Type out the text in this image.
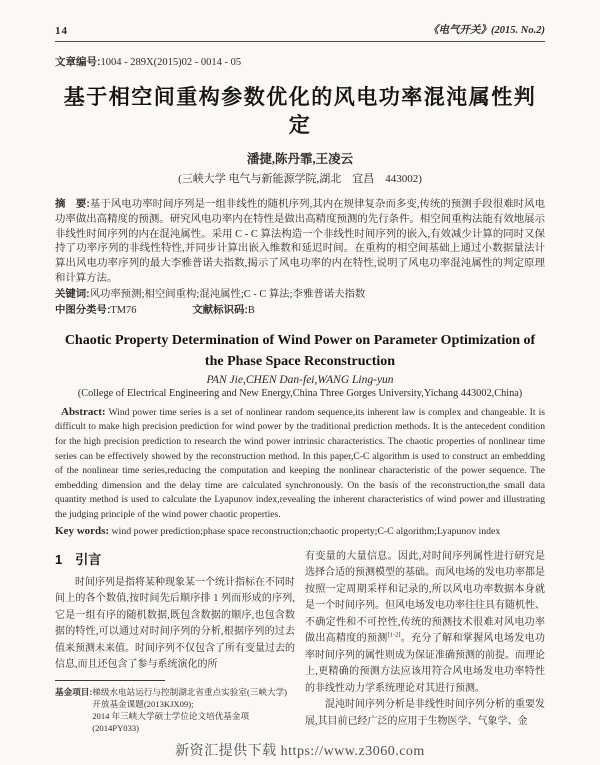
14	《电气开关》(2015. No.2)
文章编号:1004 - 289X(2015)02 - 0014 - 05
基于相空间重构参数优化的风电功率混沌属性判定
潘捷,陈丹霏,王凌云
(三峡大学 电气与新能源学院,湖北　宜昌　443002)
摘　要:基于风电功率时间序列是一组非线性的随机序列,其内在规律复杂而多变,传统的预测手段很难时风电功率做出高精度的预测。研究风电功率内在特性是做出高精度预测的先行条件。相空间重构法能有效地展示非线性时间序列的内在混沌属性。采用 C - C 算法构造一个非线性时间序列的嵌入,有效减少计算的同时又保持了功率序列的非线性特性,并同步计算出嵌入维数和延迟时间。在重构的相空间基础上通过小数据量法计算出风电功率序列的最大李雅普诺夫指数,揭示了风电功率的内在特性,说明了风电功率混沌属性的判定原理和计算方法。
关键词:风功率预测;相空间重构;混沌属性;C - C 算法;李雅普诺夫指数
中图分类号:TM76	文献标识码:B
Chaotic Property Determination of Wind Power on Parameter Optimization of
the Phase Space Reconstruction
PAN Jie,CHEN Dan-fei,WANG Ling-yun
(College of Electrical Engineering and New Energy,China Three Gorges University,Yichang 443002,China)
Abstract: Wind power time series is a set of nonlinear random sequence,its inherent law is complex and changeable. It is difficult to make high precision prediction for wind power by the traditional prediction methods. It is the antecedent condition for the high precision prediction to research the wind power intrinsic characteristics. The chaotic properties of nonlinear time series can be effectively showed by the reconstruction method. In this paper,C-C algorithm is used to construct an embedding of the nonlinear time series,reducing the computation and keeping the nonlinear characteristic of the power sequence. The embedding dimension and the delay time are calculated synchronously. On the basis of the reconstruction,the small data quantity method is used to calculate the Lyapunov index,revealing the inherent characteristics of wind power and illustrating the judging principle of the wind power chaotic properties.
Key words: wind power prediction;phase space reconstruction;chaotic property;C-C algorithm;Lyapunov index
1　引言

时间序列是指将某种现象某一个统计指标在不同时间上的各个数值,按时间先后顺序排 1 列而形成的序列,它是一组有序的随机数据,既包含数据的顺序,也包含数据的特性,可以通过对时间序列的分析,根据序列的过去值来预测未来值。时间序列不仅包含了所有变量过去的信息,而且还包含了参与系统演化的所

基金项目: 梯级水电站运行与控制湖北省重点实验室(三峡大学)开放基金课题(2013KJX09);
2014 年三峡大学硕士学位论文培优基金项(2014PY033)

有变量的大量信息。因此,对时间序列属性进行研究是选择合适的预测模型的基础。而风电场的发电功率都是按照一定周期采样和记录的,所以风电功率数据本身就是一个时间序列。但风电场发电功率往往具有随机性、不确定性和不可控性,传统的预测技术很难对风电功率做出高精度的预测[1-2]。充分了解和掌握风电场发电功率时间序列的属性则成为保证准确预测的前提。而理论上,更精确的预测方法应该用符合风电场发电功率特性的非线性动力学系统理论对其进行预测。

混沌时间序列分析是非线性时间序列分析的重要发展,其目前已经广泛的应用于生物医学、气象学、金

新资汇提供下载 https://www.z3060.com
